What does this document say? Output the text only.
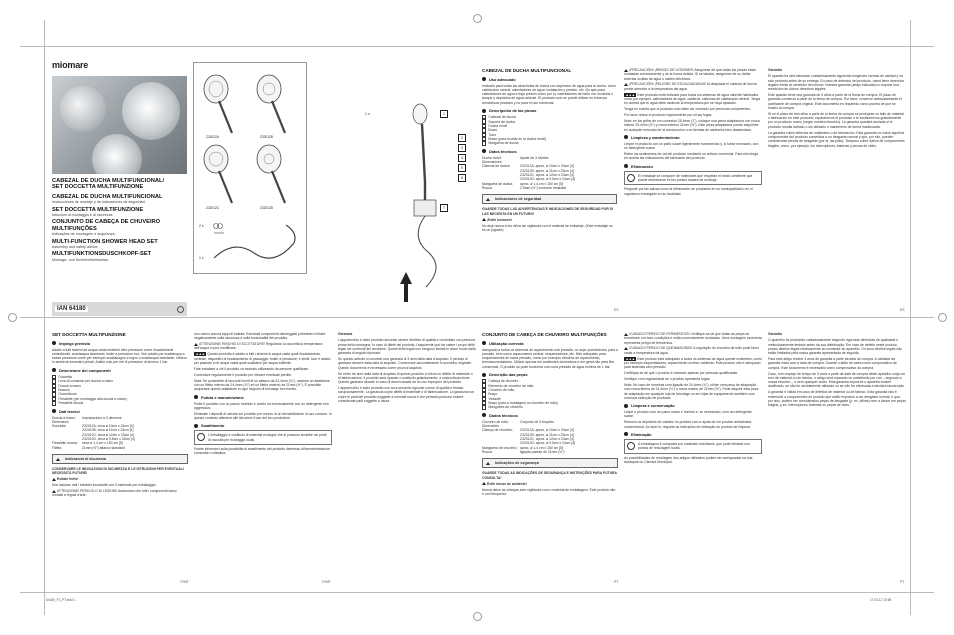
miomare
CABEZAL DE DUCHA MULTIFUNCIONAL/
SET DOCCETTA MULTIFUNZIONE
CABEZAL DE DUCHA MULTIFUNCIONAL
Instrucciones de montaje y de indicaciones de seguridad
SET DOCCETTA MULTIFUNZIONE
Istruzioni di montaggio e di sicurezza
CONJUNTO DE CABEÇA DE CHUVEIRO MULTIFUNÇÕES
Indicações de montagem e segurança
MULTI-FUNCTION SHOWER HEAD SET
Assembly and safety advice
MULTIFUNKTIONSDUSCHKOPF-SET
Montage- und Sicherheitshinweise
IAN 64180
Z32012A	Z32012B
Z32012C	Z32012D
2 x
1 x
1 x	1
2
3
4
5
6
7
CABEZAL DE DUCHA MULTIFUNCIONAL
Uso adecuado

Indicado para todas las alcachofas de ducha con aspersion de agua para la ducha, como calefacción central, calentadores de agua, instalación y presión, etc. No apto para calentadores de agua a baja presión como por ej. calentadores de baño con modelos o tanque y depósitos de agua caliente. El producto solo se puede utilizar en entornos domésticos privados y no para el uso comercial.

Descripción de las piezas
Cabezal de ducha
Soporte de ducha
Ducha móvil
Brazo
Tubo
Brazo (para montar en la ducha móvil)
Margarina de ducha
Datos técnicos
Ducha móvil:	Ajuste de 3 niveles
Dimensiones
Cabezal de ducha:	Z32012A: aprox. ø 10cm x 24cm [4]
Z32012B: aprox. ø 11cm x 23cm [4]
Z32012C: aprox. ø 12cm x 23cm [4]
Z32012D: aprox. ø 9.5cm x 24cm [4]
Manguera de ducha:	aprox. ø 1.4 cm x 150 cm [5]
Rosca:	2.5mm (½") conexión estándar
Indicaciones de seguridad

GUARDE TODAS LAS ADVERTENCIAS E INDICACIONES DE SEGURIDAD POR SI LAS NECESITA EN UN FUTURO!

¡Evite lesiones!

No deje nunca a los niños sin vigilancia con el material de embalaje. (Este embalaje no es un juguete)

¡PRECAUCIÓN! ¡RIESGO DE LESIONES! Asegúrese de que todas las piezas están montadas correctamente y de la forma debida. Si se taladra, asegúrese de no dañar tuberías ocultas de agua o cables eléctricos.

¡PRECAUCIÓN! ¡PELIGRO DE ESCALDADURAS! Al desplazar el cabezal de ducha preste atención a la temperatura del agua.

▲▲▲ Este producto está indicado para todos los sistemas de agua caliente habituales, como por ejemplo, calentadores de agua, calderas, sistemas de calefacción central. Tenga en cuenta que el agua debe alcanzar la temperatura que se haya ajustado.

Tenga en cuenta que el producto sólo debe ser montado por personas competentes.

Por favor revise el producto regularmente por si hay fugas.

Nota: en los grifos de con conexión 25.4mm (1"), coloque una pieza adaptadora con rosca interior 25.4mm (½") y rosca exterior 21mm (½"). Este pieza adaptadora puede adquirirse en cualquier mercado de la construcción o en tiendas de sanitarios bien abastecidas.

Limpieza y mantenimiento

Limpie el producto con un paño suave ligeramente humedecido y, si fuese necesario, con un detergente suave.

Retire los sedimentos de cal del producto mediante un artículo comercial. Para ello tenga en cuenta las indicaciones del fabricante del producto.

Eliminación
El embalaje se compone de materiales que respetan el medio ambiente que puede desecharse en los puntos locales de reciclaje.

Pregunte por las salvas como la eliminación de productos en su municipalidad o en el organismo encargado en su localidad.

Garantía

El aparato ha sido fabricado cuidadosamente siguiendo exigentes normas de calidad y ha sido probado antes de su entrega. En caso de defectos del producto, usted tiene derechos legales frente al vendedor del mismo. Nuestra garantía (abajo indicada) no supone una restricción de dichos derechos legales.

Este aparato tiene una garantía de 3 años a partir de la fecha de compra. El plazo de garantía comienza a partir de la fecha de compra. Por favor, conserve adecuadamente el justificante de compra original. Este documento es requerido como prueba de que se realizó la compra.

Si en el plazo de tres años a partir de la fecha de compra se produjese un fallo de material o fabricación en este producto, repararemos el producto o le sustituiremos gratuitamente por un producto nuevo (según nuestra elección). La garantía quedará anulada si el producto resulta dañado o sin utilizarlo o mantenerlo de forma inadecuada.

La garantía cubre defectos de materiales o de fabricación. Esta garantía no cubre aquellos componentes del producto sometidos a un desgaste normal y que, por ello, pueden considerarse piezas de desgaste (por ej. las pilas). Tampoco cubre daños de componentes frágiles, como, por ejemplo, los interruptores, baterías y piezas de vidrio.

ES	ES
SET DOCCETTA MULTIFUNZIONE
Impiego previsto

Adatto a tutti sistemi ad acqua calda esistenti oltre pressione come riscaldamenti centralizzati, scaldacqua istantanei, boiler a pressione ecc. Non adatto per scaldacqua a bassa pressione come per esempio scaldabagno a legno o scaldacqua istantanei. Utilizzo in ambienti domestici privati. Adatto solo per reti di pressione di almeno 1 bar.

Descrizione dei componenti
Doccetta
Leva di comando per doccia a mano
Doccia a mano
Braccio
Guarnizione
Flessibile (per montaggio alla doccia a mano)
Flessibile doccia
Dati tecnici
Doccia a mano:	Impostazione a 3 direzioni
Dimensioni
Doccetta:	Z32012A: circa ø 10cm x 24cm [4]
Z32012B: circa ø 11cm x 23cm [4]
Z32012C: circa ø 12cm x 23cm [4]
Z32012D: circa ø 9.5cm x 24cm [4]
Flessibile doccia:	circa ø 1,4 cm x 150 cm [5]
Filetto:	21mm (½") attacco standard
Indicazioni di sicurezza

CONSERVARE LE INDICAZIONI DI SICUREZZA E LE ISTRUZIONI PER EVENTUALI NECESSITÀ FUTURE!

Evitate ferite!

Non lasciare mai i bambini incustoditi con il materiale per imballaggio.

ATTENZIONE! PERICOLO DI LESIONI! Assicurarsi che tutti i componenti siano montati a regola d'arte.

non vanno ancora tappi di battuta. Eventuali componenti danneggiati potrebbero influire negativamente sulla sicurezza e sulla funzionalità del prodotto.

ATTENZIONE! RISCHIO DI SCOTTATURE! Regolando la doccetta la temperatura dell'acqua si può modificare.

▲▲▲ Questo prodotto è adatto a tutti i sistemi di acqua calda quali riscaldamento centrale, dispositivi di riscaldamento di passaggio, boiler a pressione, e simili. Non è adatto per passare in di acqua calda quali scaldatori per acqua bollente.

Fate installare a chi il prodotto va montato utilizzando da persone qualificate.

Controllare regolarmente il prodotto per rilevare eventuali perdite.

Nota: Se possedete di raccordi forniti di un attacco da 24,4mm (¾"), usatene un adattatore con un filetto interno da 24,4mm (¾") ed un filetto esterno da 21mm (½"). È possibile acquistare questo adattatore in ogni negozio di bricolage ben fornito.

Pulizia e manutenzione

Pulite il prodotto con un panno morbido e umido ed eventualmente con un detergente non aggressivo.

Eliminate i depositi di calcare sul prodotto per mezzo di un decalcificatore di uso comune. In questo contesto attenersi alle istruzioni d'uso del loro produttore.

Smaltimento
L'imballaggio è costituito di materiali ecologici che si possono smaltire nei punti di raccolta per riciclaggio locali.

Potete informarvi sulla possibilità di smaltimento del prodotto dismesso all'amministrazione comunale o cittadina.

Garanzia

L'apparecchio è stato prodotto secondo severe direttive di qualità e controllato con premura prima della consegna. In caso di difetti del prodotto, l'acquirente può far valere i propri diritti legali nei confronti del venditore. Questi diritti legali non vengono limitati in alcun modo dalla garanzia di seguito riportata.

Su questo articolo si concede una garanzia di 3 anni dalla data d'acquisto. Il periodo di garanzia decorre dalla data di acquisto. Conservare accuratamente lo scontrino originale. Questo documento è necessario come prova d'acquisto.

Se entro tre anni dalla data di acquisto di questo prodotto si rileva un difetto di materiale o di fabbricazione, il prodotto sarà riparato o sostituito gratuitamente, a nostra discrezione. Questa garanzia decade in caso di danni causati da un uso improprio del prodotto.

L'apparecchio è stato prodotto con cura secondo rigorose norme di qualità e testato scrupolosamente. La garanzia copre difetti di materiale o di fabbricazione. La garanzia non copre le parti del prodotto soggette a normale usura e che pertanto possono essere considerate parti soggette a usura.

CONJUNTO DE CABEÇA DE CHUVEIRO MULTIFUNÇÕES
Utilização correcta

Adequado a todos os sistemas de aquecimento sob pressão, ou seja, quentadores, para a pressão, bem como aquecimento central, esquentadores, etc. Não adequado para esquentadores de baixa pressão, como por exemplo cilindros de aquecimento, termoacumuladores. Utilizar apenas em ambientes domésticos e em geral não para fins comerciais. O produto só pode funcionar com uma pressão de água mínima de 1 bar.

Descrição das peças
Cabeça de chuveiro
Elemento de chuveiro de mão
Chuveiro de mão
Braço
Vedante
Braço (para a montagem no chuveiro de mão)
Mangueira de chuveiro
Dados técnicos
Chuveiro de mão:	Conjunto de 3 funções
Dimensões
Cabeça de chuveiro:	Z32012A: aprox. ø 10cm x 24cm [4]
Z32012B: aprox. ø 11cm x 23cm [4]
Z32012C: aprox. ø 12cm x 23cm [4]
Z32012D: aprox. ø 9.5cm x 24cm [4]
Mangueira de chuveiro: aprox. ø 1,4 cm x 150 cm [5]
Rosca:	ligação padrão de 21mm (½")
Indicações de segurança

GUARDE TODAS AS INDICAÇÕES DE SEGURANÇA E INSTRUÇÕES PARA FUTURA CONSULTA!

Evite riscos de acidente!

Nunca deixe as crianças sem vigilância com o material de embalagem. Este produto não é um brinquedo!

CUIDADO! PERIGO DE FERIMENTOS! Certifique-se de que todas as peças se encontram em bom condições e estão correctamente montadas. Uma montagem incorrecta representa perigo de ferimentos.

CUIDADO! PERIGO DE QUEIMADURAS! A regulação do chuveiro de mão pode fazer variar a temperatura da água.

▲▲▲ Este produto está adequado a todos os sistemas de água quente existentes, como por exemplo esquentadores, aquecimento central, caldeiras. Este produto não é adequado para sistemas sem pressão.

Certifique-se de que o produto é montado apenas por pessoas qualificadas.

Verifique com regularidade se o produto apresenta fugas.

Nota: No caso de torneiras com ligação de 24,4mm (¾"), utilize uma peça de adaptação com rosca fêmea de 24,4mm (¾") e rosca macho de 21mm (½"). Pode adquirir esta peça de adaptação em qualquer loja de bricolage ou em lojas de equipamento sanitário com uma boa selecção de produtos.

Limpeza e conservação

Limpe o produto com um pano macio e húmido e, se necessário, com um detergente suave.

Remova os depósitos de calcário no produto com a ajuda de um produto anticalcário convencional. Ao fazê-lo, respeite as instruções de utilização do produto de limpeza.

Eliminação
A embalagem é composta por materiais recicláveis, que pode eliminar nos pontos de reciclagem locais.

As possibilidades de reciclagem dos artigos utilizados podem ser averiguadas na sua Autarquia ou Câmara Municipal.

Garantia

O aparelho foi produzido cuidadosamente segundo rigorosas directivas de qualidade e meticulosamente testado antes da sua distribuição. Em caso de defeito neste produto, possui direitos legais relativamente ao vendedor do aparelho. Os seus direitos legais não estão limitados pela nossa garantia apresentada de seguida.

Para este artigo recebe 3 anos de garantia a partir da data de compra. A validade da garantia inicia com a data de compra. Guarde o talão de caixa como comprovativo da compra. Este documento é necessário como comprovativo da compra.

Caso, num espaço de tempo de 3 anos a partir da data de compra deste aparelho surja um erro de material ou de fabrico, o artigo será reparado ou substituído por nós – segundo a nossa escolha –, e sem qualquer custo. Esta garantia expira se o aparelho estiver danificado, se não for devidamente utilizado ou se não for efectuada a devida manutenção.

A garantia é válida em caso de defeitos de material ou de fabrico. Esta garantia não é extensível a componentes do produto que estão expostos a um desgaste normal, e que, por isso, podem ser considerados peças de desgaste (p. ex. pilhas) nem a danos em peças frágeis, p.ex. interruptores, baterias ou peças de vidro.

IT/MT	IT/MT	PT	PT
64180_F1_PT.indd 1	17.04.12 10:58
